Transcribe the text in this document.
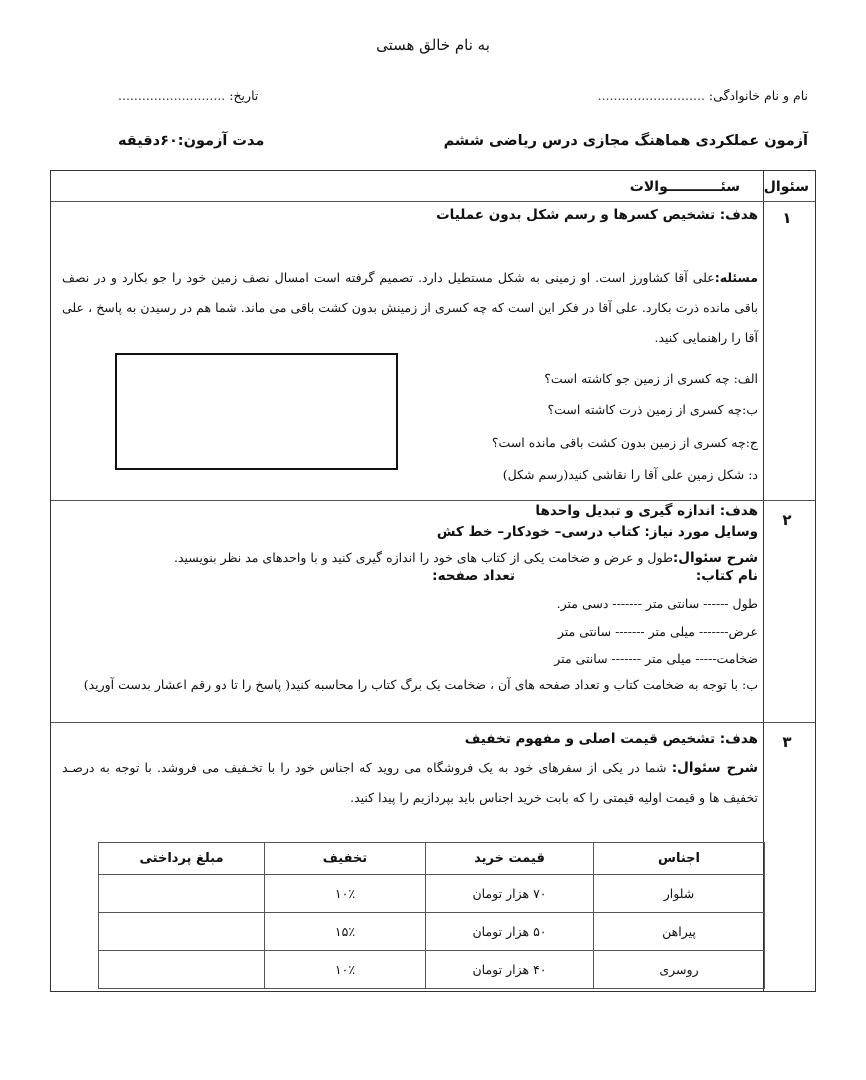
به نام خالق هستی
نام و نام خانوادگی: ...........................
تاریخ: ...........................
آزمون عملکردی هماهنگ مجازی درس ریاضی ششم
مدت آزمون:۶۰دقیقه
سئوال
سئـــــــــــوالات
۱
هدف: تشخیص کسرها و رسم شکل بدون عملیات
مسئله:علی آقا کشاورز است. او زمینی به شکل مستطیل دارد. تصمیم گرفته است امسال نصف زمین خود را جو بکارد و در نصف باقی مانده ذرت بکارد. علی آقا در فکر این است که چه کسری از زمینش بدون کشت باقی می ماند. شما هم در رسیدن به پاسخ ، علی آقا را راهنمایی کنید.
الف: چه کسری از زمین جو کاشته است؟
ب:چه کسری از زمین ذرت کاشته است؟
ج:چه کسری از زمین بدون کشت باقی مانده است؟
د: شکل زمین علی آقا را نقاشی کنید(رسم شکل)
۲
هدف: اندازه گیری و تبدیل واحدها
وسایل مورد نیاز: کتاب درسی– خودکار– خط کش
شرح سئوال:طول و عرض و ضخامت یکی از کتاب های خود را اندازه گیری کنید و با واحدهای مد نظر بنویسید.
نام کتاب:
تعداد صفحه:
طول ------ سانتی متر ------- دسی متر.
عرض------- میلی متر ------- سانتی متر
ضخامت----- میلی متر ------- سانتی متر
ب: با توجه به ضخامت کتاب و تعداد صفحه های آن ، ضخامت یک برگ کتاب را محاسبه کنید( پاسخ را تا دو رقم اعشار بدست آورید)
۳
هدف: تشخیص قیمت اصلی و مفهوم تخفیف
شرح سئوال: شما در یکی از سفرهای خود به یک فروشگاه می روید که اجناس خود را با تخـفیف می فروشد. با توجه به درصـد تخفیف ها و قیمت اولیه قیمتی را که بابت خرید اجناس باید بپردازیم را پیدا کنید.
اجناس	قیمت خرید	تخفیف	مبلغ پرداختی
شلوار	۷۰ هزار تومان	۱۰٪	
پیراهن	۵۰ هزار تومان	۱۵٪	
روسری	۴۰ هزار تومان	۱۰٪	
